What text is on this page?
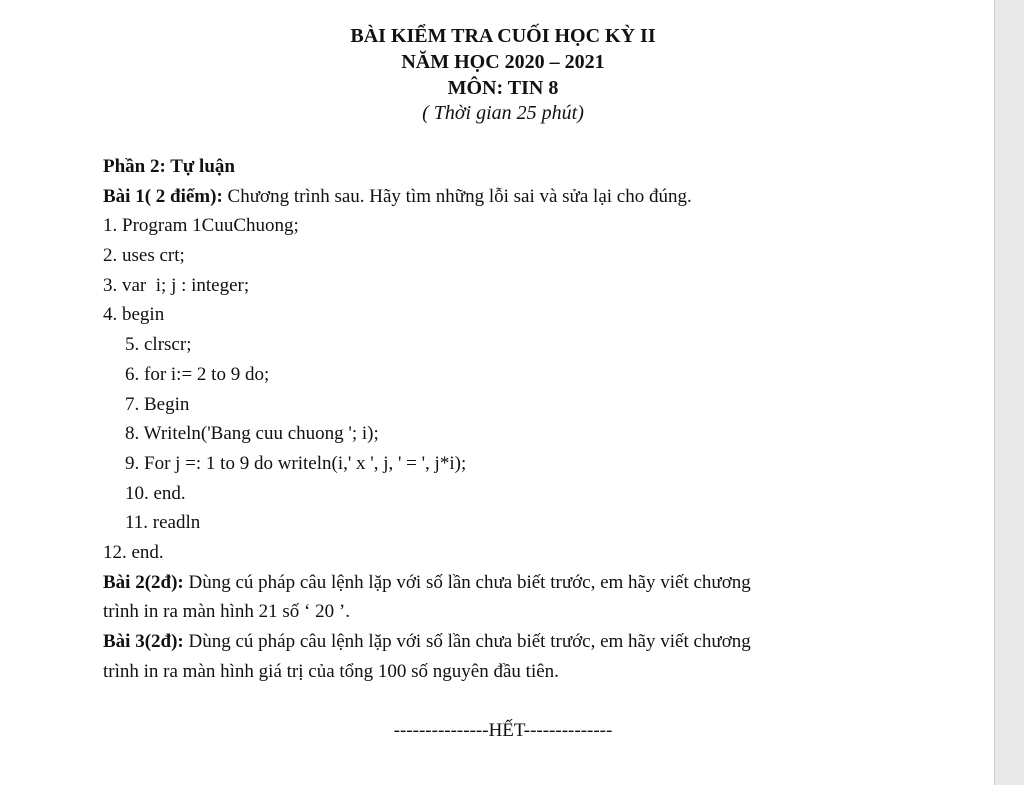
BÀI KIỂM TRA CUỐI HỌC KỲ II
NĂM HỌC 2020 – 2021
MÔN: TIN 8
( Thời gian 25 phút)
Phần 2: Tự luận
Bài 1( 2 điểm): Chương trình sau. Hãy tìm những lỗi sai và sửa lại cho đúng.
1. Program 1CuuChuong;
2. uses crt;
3. var  i; j : integer;
4. begin
5. clrscr;
6. for i:= 2 to 9 do;
7. Begin
8. Writeln('Bang cuu chuong '; i);
9. For j =: 1 to 9 do writeln(i,' x ', j, ' = ', j*i);
10. end.
11. readln
12. end.
Bài 2(2đ): Dùng cú pháp câu lệnh lặp với số lần chưa biết trước, em hãy viết chương
trình in ra màn hình 21 số ‘ 20 ’.
Bài 3(2đ): Dùng cú pháp câu lệnh lặp với số lần chưa biết trước, em hãy viết chương
trình in ra màn hình giá trị của tổng 100 số nguyên đầu tiên.
---------------HẾT--------------
